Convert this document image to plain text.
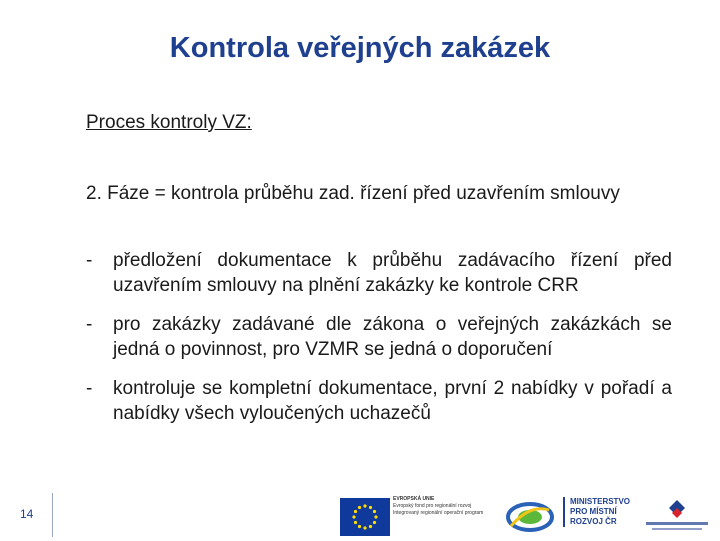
Kontrola veřejných zakázek
Proces kontroly VZ:
2. Fáze = kontrola průběhu zad. řízení před uzavřením smlouvy
- předložení dokumentace k průběhu zadávacího řízení před uzavřením smlouvy na plnění zakázky ke kontrole CRR
- pro zakázky zadávané dle zákona o veřejných zakázkách se jedná o povinnost, pro VZMR se jedná o doporučení
- kontroluje se kompletní dokumentace, první 2 nabídky v pořadí a nabídky všech vyloučených uchazečů
14
EVROPSKÁ UNIE
Evropský fond pro regionální rozvoj
Integrovaný regionální operační program
MINISTERSTVO
PRO MÍSTNÍ
ROZVOJ ČR
